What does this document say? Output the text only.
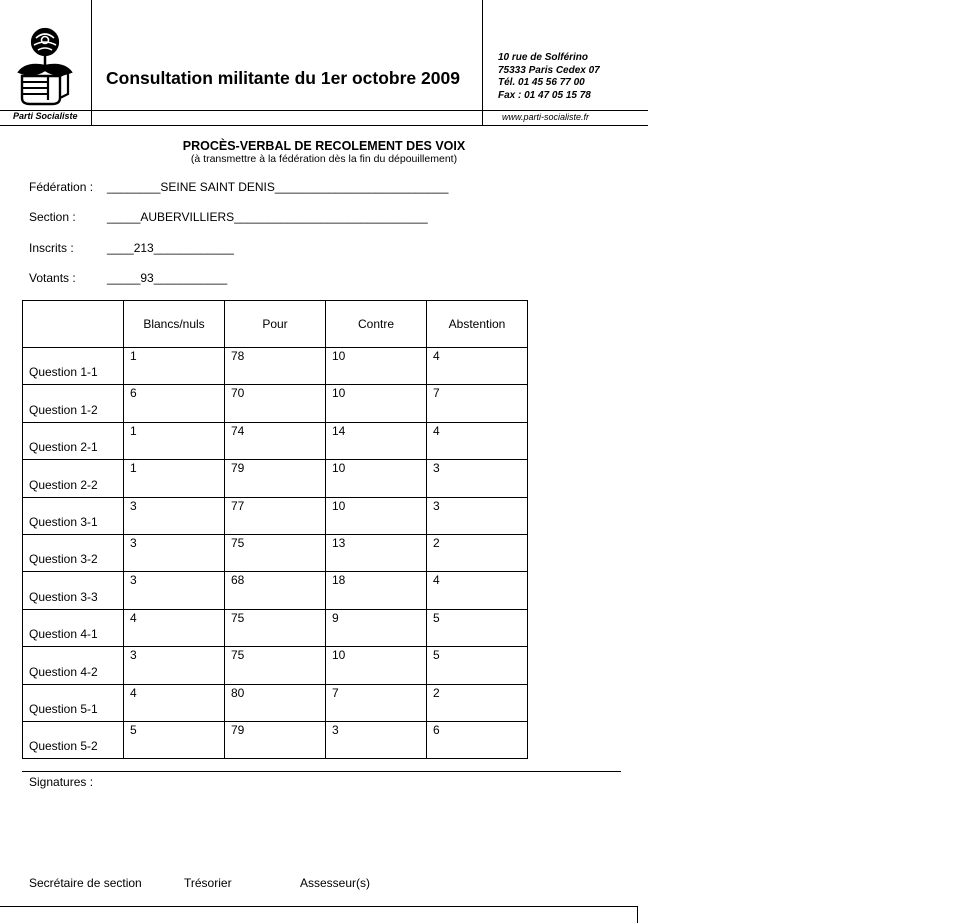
Parti Socialiste
Consultation militante du 1er octobre 2009
10 rue de Solférino
75333 Paris Cedex 07
Tél. 01 45 56 77 00
Fax : 01 47 05 15 78
www.parti-socialiste.fr
PROCÈS-VERBAL DE RECOLEMENT DES VOIX
(à transmettre à la fédération dès la fin du dépouillement)
Fédération : ________SEINE SAINT DENIS__________________________
Section :	_____AUBERVILLIERS_____________________________
Inscrits :	____213____________
Votants :	_____93___________
	Blancs/nuls	Pour	Contre	Abstention
Question 1-1	1	78	10	4
Question 1-2	6	70	10	7
Question 2-1	1	74	14	4
Question 2-2	1	79	10	3
Question 3-1	3	77	10	3
Question 3-2	3	75	13	2
Question 3-3	3	68	18	4
Question 4-1	4	75	9	5
Question 4-2	3	75	10	5
Question 5-1	4	80	7	2
Question 5-2	5	79	3	6
Signatures :
Secrétaire de section	Trésorier	Assesseur(s)
